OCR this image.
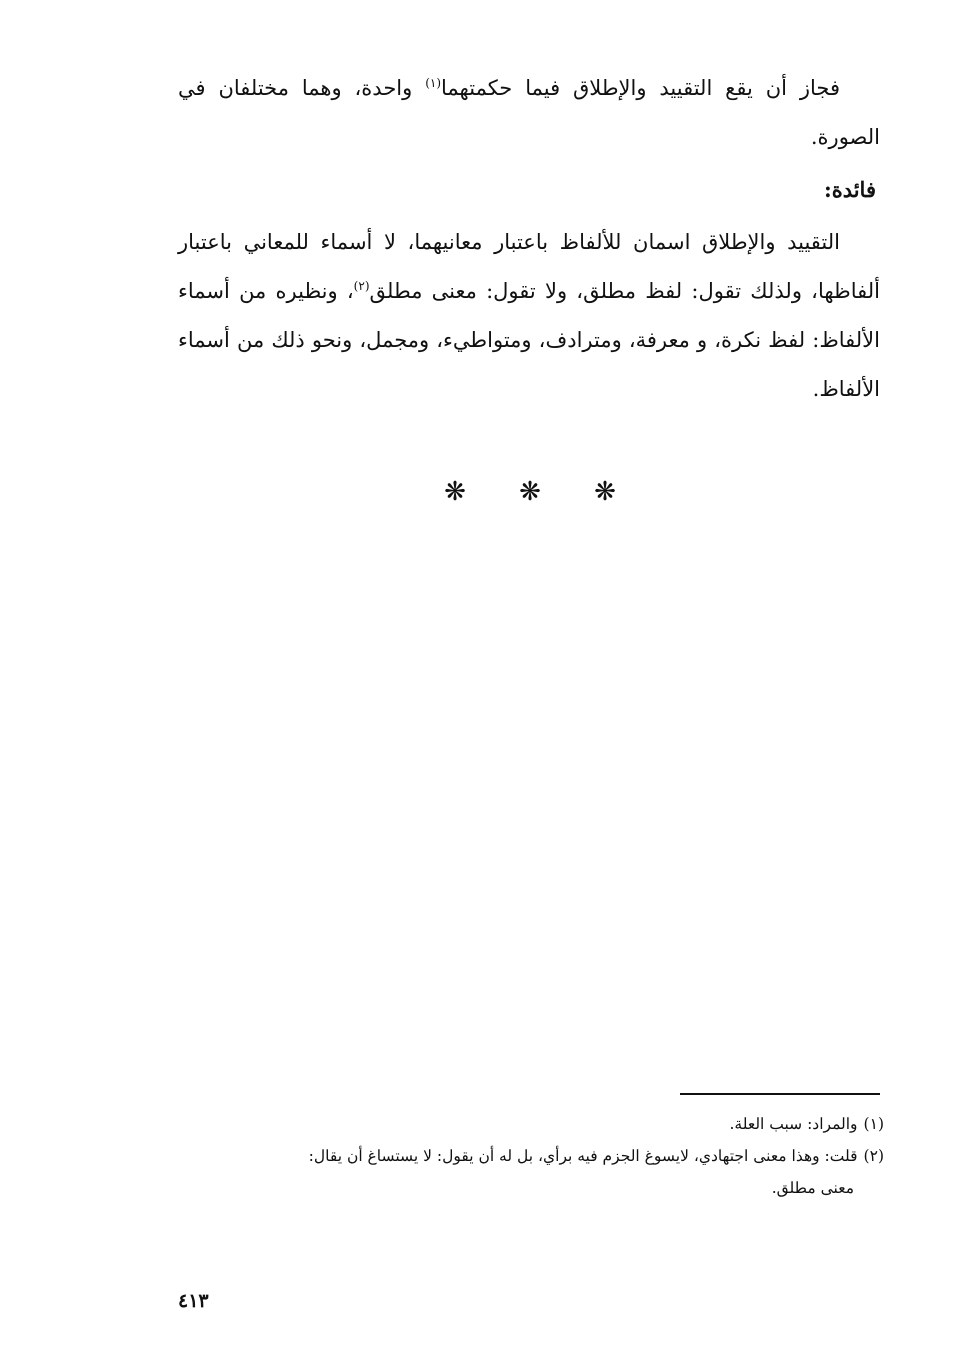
فجاز أن يقع التقييد والإطلاق فيما حكمتهما$^{(١)}$ واحدة، وهما مختلفان في الصورة.

فائدة:

التقييد والإطلاق اسمان للألفاظ باعتبار معانيهما، لا أسماء للمعاني باعتبار ألفاظها، ولذلك تقول: لفظ مطلق، ولا تقول: معنى مطلق$^{(٢)}$، ونظيره من أسماء الألفاظ: لفظ نكرة، و معرفة، ومترادف، ومتواطيء، ومجمل، ونحو ذلك من أسماء الألفاظ.

❋ ❋ ❋
(١)والمراد: سبب العلة.
(٢)قلت: وهذا معنى اجتهادي، لايسوغ الجزم فيه برأي، بل له أن يقول: لا يستساغ أن يقال:
معنى مطلق.
٤١٣
